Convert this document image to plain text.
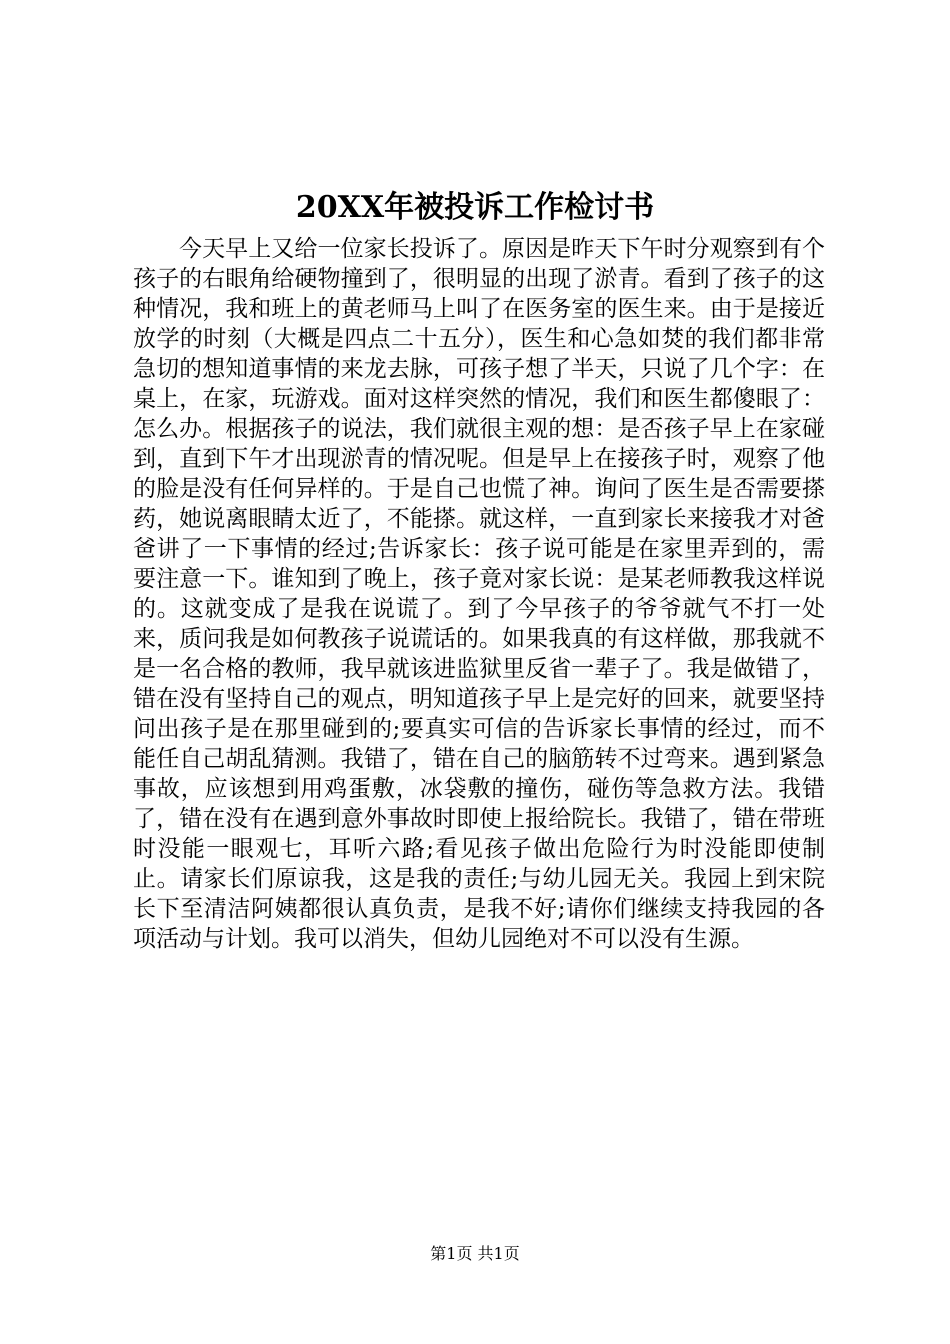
20XX年被投诉工作检讨书

今天早上又给一位家长投诉了。原因是昨天下午时分观察到有个孩子的右眼角给硬物撞到了，很明显的出现了淤青。看到了孩子的这种情况，我和班上的黄老师马上叫了在医务室的医生来。由于是接近放学的时刻（大概是四点二十五分），医生和心急如焚的我们都非常急切的想知道事情的来龙去脉，可孩子想了半天，只说了几个字：在桌上，在家，玩游戏。面对这样突然的情况，我们和医生都傻眼了：怎么办。根据孩子的说法，我们就很主观的想：是否孩子早上在家碰到，直到下午才出现淤青的情况呢。但是早上在接孩子时，观察了他的脸是没有任何异样的。于是自己也慌了神。询问了医生是否需要搽药，她说离眼睛太近了，不能搽。就这样，一直到家长来接我才对爸爸讲了一下事情的经过;告诉家长：孩子说可能是在家里弄到的，需要注意一下。谁知到了晚上，孩子竟对家长说：是某老师教我这样说的。这就变成了是我在说谎了。到了今早孩子的爷爷就气不打一处来，质问我是如何教孩子说谎话的。如果我真的有这样做，那我就不是一名合格的教师，我早就该进监狱里反省一辈子了。我是做错了，错在没有坚持自己的观点，明知道孩子早上是完好的回来，就要坚持问出孩子是在那里碰到的;要真实可信的告诉家长事情的经过，而不能任自己胡乱猜测。我错了，错在自己的脑筋转不过弯来。遇到紧急事故，应该想到用鸡蛋敷，冰袋敷的撞伤，碰伤等急救方法。我错了，错在没有在遇到意外事故时即使上报给院长。我错了，错在带班时没能一眼观七，耳听六路;看见孩子做出危险行为时没能即使制止。请家长们原谅我，这是我的责任;与幼儿园无关。我园上到宋院长下至清洁阿姨都很认真负责，是我不好;请你们继续支持我园的各项活动与计划。我可以消失，但幼儿园绝对不可以没有生源。

第1页 共1页
